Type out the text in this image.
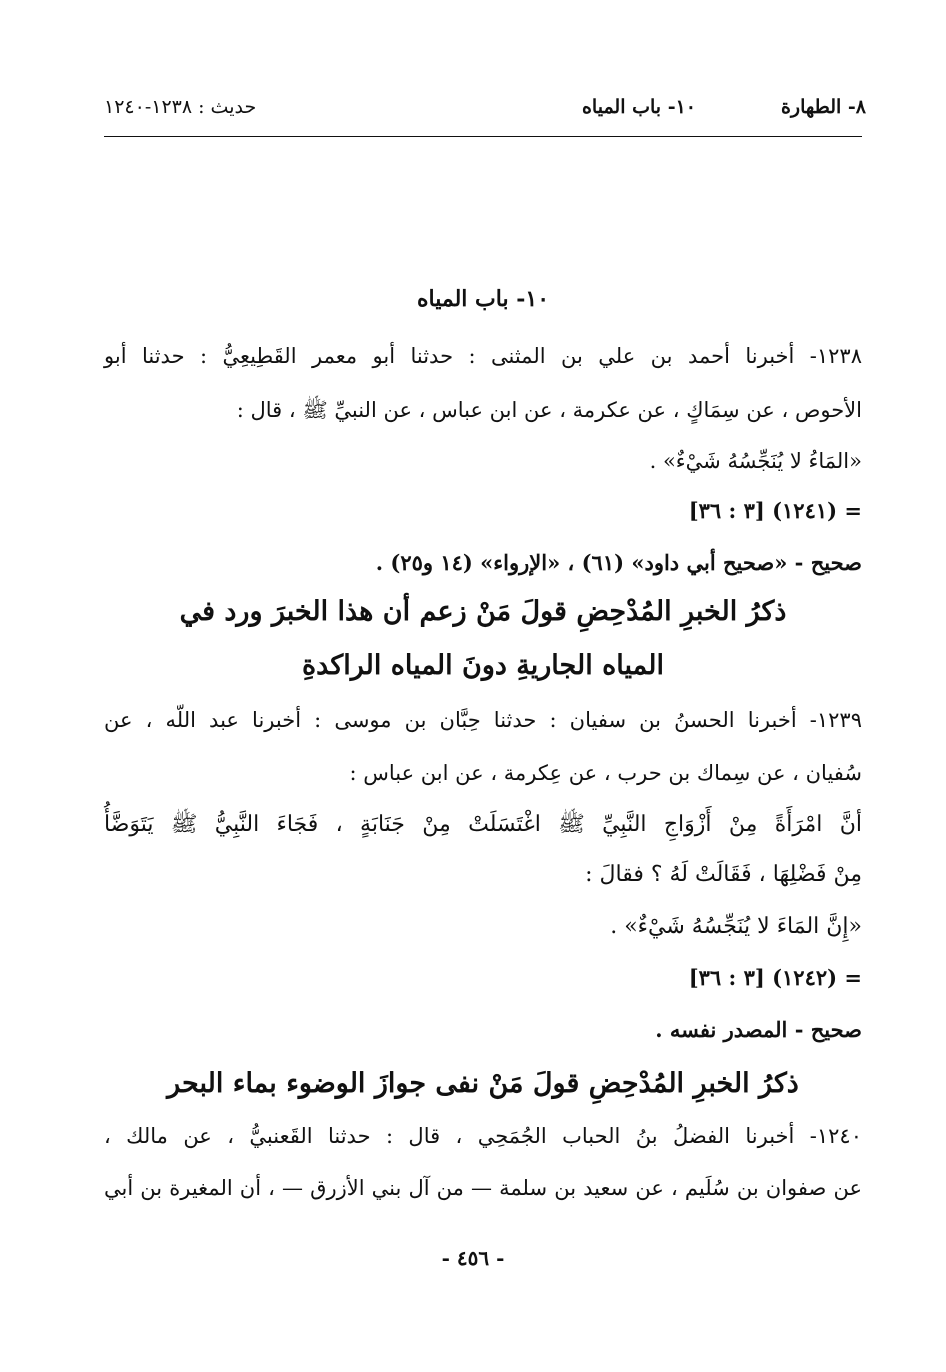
٨- الطهارة
١٠- باب المياه
حديث : ١٢٣٨-١٢٤٠
١٠- باب المياه
١٢٣٨- أخبرنا أحمد بن علي بن المثنى : حدثنا أبو معمر القَطِيعِيُّ : حدثنا أبو
الأحوص ، عن سِمَاكٍ ، عن عكرمة ، عن ابن عباس ، عن النبيِّ ﷺ ، قال :
«المَاءُ لا يُنَجِّسُهُ شَيْءٌ» .
= (١٢٤١) [٣ : ٣٦]
صحيح - «صحيح أبي داود» (٦١) ، «الإرواء» (١٤ و٢٥) .
ذكرُ الخبرِ المُدْحِضِ قولَ مَنْ زعم أن هذا الخبرَ ورد في
المياه الجاريةِ دونَ المياه الراكدةِ
١٢٣٩- أخبرنا الحسنُ بن سفيان : حدثنا حِبَّان بن موسى : أخبرنا عبد اللّه ، عن
سُفيان ، عن سِماك بن حرب ، عن عِكرمة ، عن ابن عباس :
أنَّ امْرَأَةً مِنْ أَزْوَاجِ النَّبِيِّ ﷺ اغْتَسَلَتْ مِنْ جَنَابَةٍ ، فَجَاءَ النَّبِيُّ ﷺ يَتَوَضَّأُ
مِنْ فَضْلِهَا ، فَقَالَتْ لَهُ ؟ فقالَ :
«إِنَّ المَاءَ لا يُنَجِّسُهُ شَيْءٌ» .
= (١٢٤٢) [٣ : ٣٦]
صحيح - المصدر نفسه .
ذكرُ الخبرِ المُدْحِضِ قولَ مَنْ نفى جوازَ الوضوء بماء البحر
١٢٤٠- أخبرنا الفضلُ بنُ الحباب الجُمَحِي ، قال : حدثنا القَعنبيُّ ، عن مالك ،
عن صفوان بن سُلَيم ، عن سعيد بن سلمة — من آل بني الأزرق — ، أن المغيرة بن أبي
- ٤٥٦ -
